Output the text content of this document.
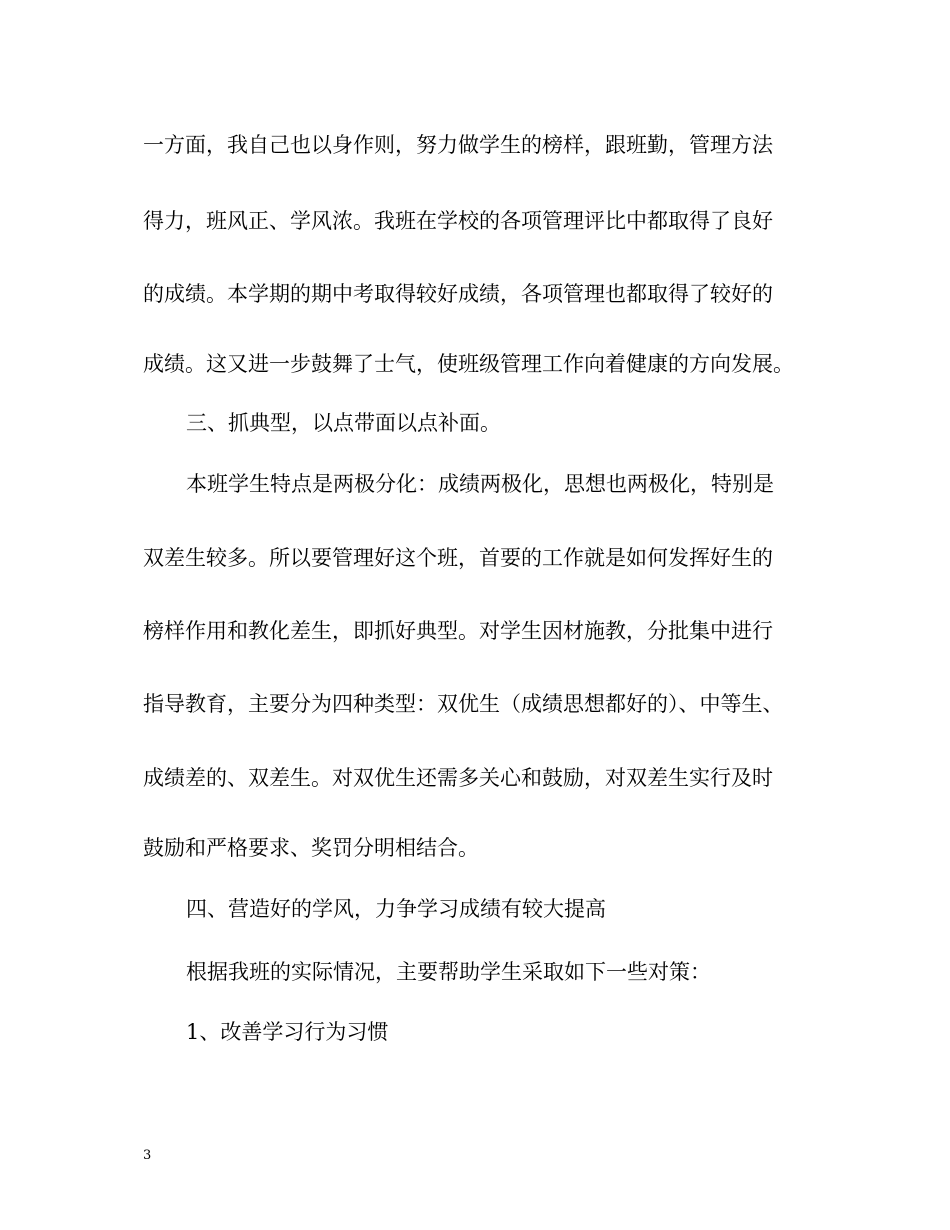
一方面，我自己也以身作则，努力做学生的榜样，跟班勤，管理方法
得力，班风正、学风浓。我班在学校的各项管理评比中都取得了良好
的成绩。本学期的期中考取得较好成绩，各项管理也都取得了较好的
成绩。这又进一步鼓舞了士气，使班级管理工作向着健康的方向发展。
三、抓典型，以点带面以点补面。
本班学生特点是两极分化：成绩两极化，思想也两极化，特别是
双差生较多。所以要管理好这个班，首要的工作就是如何发挥好生的
榜样作用和教化差生，即抓好典型。对学生因材施教，分批集中进行
指导教育，主要分为四种类型：双优生（成绩思想都好的）、中等生、
成绩差的、双差生。对双优生还需多关心和鼓励，对双差生实行及时
鼓励和严格要求、奖罚分明相结合。
四、营造好的学风，力争学习成绩有较大提高
根据我班的实际情况，主要帮助学生采取如下一些对策：
1、改善学习行为习惯
3
